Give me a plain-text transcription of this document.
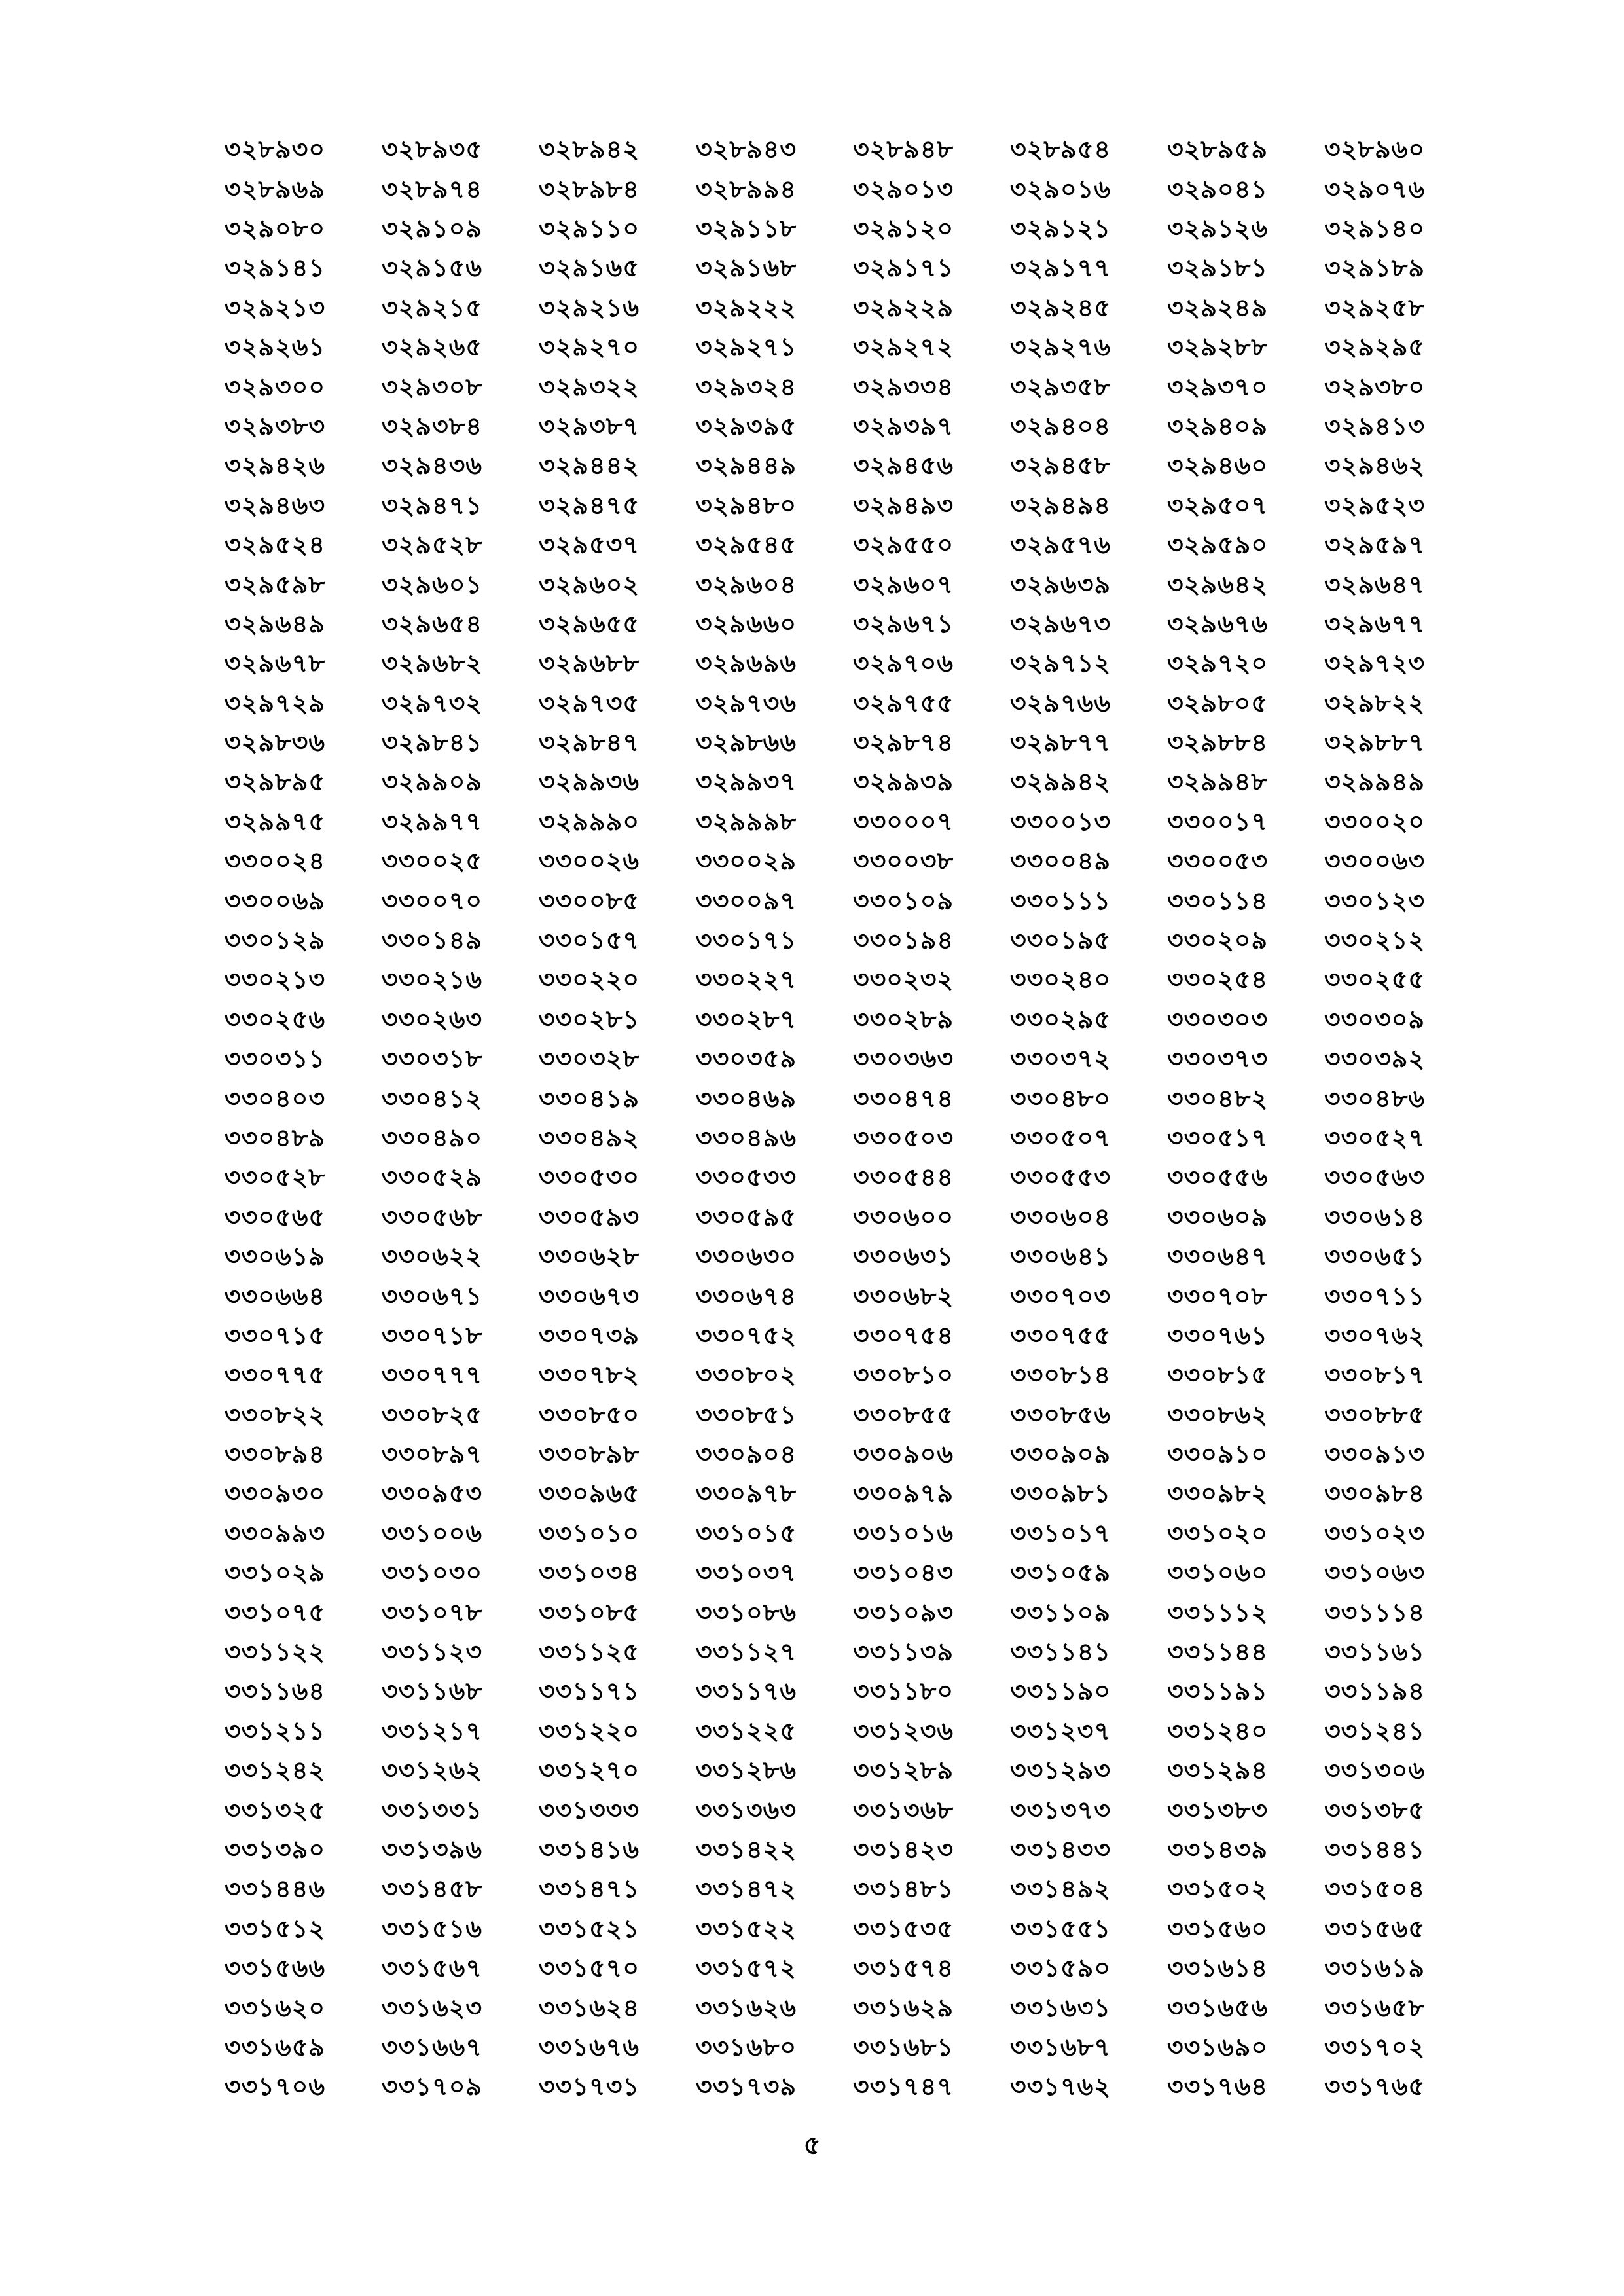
৩২৮৯৩০	৩২৮৯৩৫	৩২৮৯৪২	৩২৮৯৪৩	৩২৮৯৪৮	৩২৮৯৫৪	৩২৮৯৫৯	৩২৮৯৬০
৩২৮৯৬৯	৩২৮৯৭৪	৩২৮৯৮৪	৩২৮৯৯৪	৩২৯০১৩	৩২৯০১৬	৩২৯০৪১	৩২৯০৭৬
৩২৯০৮০	৩২৯১০৯	৩২৯১১০	৩২৯১১৮	৩২৯১২০	৩২৯১২১	৩২৯১২৬	৩২৯১৪০
৩২৯১৪১	৩২৯১৫৬	৩২৯১৬৫	৩২৯১৬৮	৩২৯১৭১	৩২৯১৭৭	৩২৯১৮১	৩২৯১৮৯
৩২৯২১৩	৩২৯২১৫	৩২৯২১৬	৩২৯২২২	৩২৯২২৯	৩২৯২৪৫	৩২৯২৪৯	৩২৯২৫৮
৩২৯২৬১	৩২৯২৬৫	৩২৯২৭০	৩২৯২৭১	৩২৯২৭২	৩২৯২৭৬	৩২৯২৮৮	৩২৯২৯৫
৩২৯৩০০	৩২৯৩০৮	৩২৯৩২২	৩২৯৩২৪	৩২৯৩৩৪	৩২৯৩৫৮	৩২৯৩৭০	৩২৯৩৮০
৩২৯৩৮৩	৩২৯৩৮৪	৩২৯৩৮৭	৩২৯৩৯৫	৩২৯৩৯৭	৩২৯৪০৪	৩২৯৪০৯	৩২৯৪১৩
৩২৯৪২৬	৩২৯৪৩৬	৩২৯৪৪২	৩২৯৪৪৯	৩২৯৪৫৬	৩২৯৪৫৮	৩২৯৪৬০	৩২৯৪৬২
৩২৯৪৬৩	৩২৯৪৭১	৩২৯৪৭৫	৩২৯৪৮০	৩২৯৪৯৩	৩২৯৪৯৪	৩২৯৫০৭	৩২৯৫২৩
৩২৯৫২৪	৩২৯৫২৮	৩২৯৫৩৭	৩২৯৫৪৫	৩২৯৫৫০	৩২৯৫৭৬	৩২৯৫৯০	৩২৯৫৯৭
৩২৯৫৯৮	৩২৯৬০১	৩২৯৬০২	৩২৯৬০৪	৩২৯৬০৭	৩২৯৬৩৯	৩২৯৬৪২	৩২৯৬৪৭
৩২৯৬৪৯	৩২৯৬৫৪	৩২৯৬৫৫	৩২৯৬৬০	৩২৯৬৭১	৩২৯৬৭৩	৩২৯৬৭৬	৩২৯৬৭৭
৩২৯৬৭৮	৩২৯৬৮২	৩২৯৬৮৮	৩২৯৬৯৬	৩২৯৭০৬	৩২৯৭১২	৩২৯৭২০	৩২৯৭২৩
৩২৯৭২৯	৩২৯৭৩২	৩২৯৭৩৫	৩২৯৭৩৬	৩২৯৭৫৫	৩২৯৭৬৬	৩২৯৮০৫	৩২৯৮২২
৩২৯৮৩৬	৩২৯৮৪১	৩২৯৮৪৭	৩২৯৮৬৬	৩২৯৮৭৪	৩২৯৮৭৭	৩২৯৮৮৪	৩২৯৮৮৭
৩২৯৮৯৫	৩২৯৯০৯	৩২৯৯৩৬	৩২৯৯৩৭	৩২৯৯৩৯	৩২৯৯৪২	৩২৯৯৪৮	৩২৯৯৪৯
৩২৯৯৭৫	৩২৯৯৭৭	৩২৯৯৯০	৩২৯৯৯৮	৩৩০০০৭	৩৩০০১৩	৩৩০০১৭	৩৩০০২০
৩৩০০২৪	৩৩০০২৫	৩৩০০২৬	৩৩০০২৯	৩৩০০৩৮	৩৩০০৪৯	৩৩০০৫৩	৩৩০০৬৩
৩৩০০৬৯	৩৩০০৭০	৩৩০০৮৫	৩৩০০৯৭	৩৩০১০৯	৩৩০১১১	৩৩০১১৪	৩৩০১২৩
৩৩০১২৯	৩৩০১৪৯	৩৩০১৫৭	৩৩০১৭১	৩৩০১৯৪	৩৩০১৯৫	৩৩০২০৯	৩৩০২১২
৩৩০২১৩	৩৩০২১৬	৩৩০২২০	৩৩০২২৭	৩৩০২৩২	৩৩০২৪০	৩৩০২৫৪	৩৩০২৫৫
৩৩০২৫৬	৩৩০২৬৩	৩৩০২৮১	৩৩০২৮৭	৩৩০২৮৯	৩৩০২৯৫	৩৩০৩০৩	৩৩০৩০৯
৩৩০৩১১	৩৩০৩১৮	৩৩০৩২৮	৩৩০৩৫৯	৩৩০৩৬৩	৩৩০৩৭২	৩৩০৩৭৩	৩৩০৩৯২
৩৩০৪০৩	৩৩০৪১২	৩৩০৪১৯	৩৩০৪৬৯	৩৩০৪৭৪	৩৩০৪৮০	৩৩০৪৮২	৩৩০৪৮৬
৩৩০৪৮৯	৩৩০৪৯০	৩৩০৪৯২	৩৩০৪৯৬	৩৩০৫০৩	৩৩০৫০৭	৩৩০৫১৭	৩৩০৫২৭
৩৩০৫২৮	৩৩০৫২৯	৩৩০৫৩০	৩৩০৫৩৩	৩৩০৫৪৪	৩৩০৫৫৩	৩৩০৫৫৬	৩৩০৫৬৩
৩৩০৫৬৫	৩৩০৫৬৮	৩৩০৫৯৩	৩৩০৫৯৫	৩৩০৬০০	৩৩০৬০৪	৩৩০৬০৯	৩৩০৬১৪
৩৩০৬১৯	৩৩০৬২২	৩৩০৬২৮	৩৩০৬৩০	৩৩০৬৩১	৩৩০৬৪১	৩৩০৬৪৭	৩৩০৬৫১
৩৩০৬৬৪	৩৩০৬৭১	৩৩০৬৭৩	৩৩০৬৭৪	৩৩০৬৮২	৩৩০৭০৩	৩৩০৭০৮	৩৩০৭১১
৩৩০৭১৫	৩৩০৭১৮	৩৩০৭৩৯	৩৩০৭৫২	৩৩০৭৫৪	৩৩০৭৫৫	৩৩০৭৬১	৩৩০৭৬২
৩৩০৭৭৫	৩৩০৭৭৭	৩৩০৭৮২	৩৩০৮০২	৩৩০৮১০	৩৩০৮১৪	৩৩০৮১৫	৩৩০৮১৭
৩৩০৮২২	৩৩০৮২৫	৩৩০৮৫০	৩৩০৮৫১	৩৩০৮৫৫	৩৩০৮৫৬	৩৩০৮৬২	৩৩০৮৮৫
৩৩০৮৯৪	৩৩০৮৯৭	৩৩০৮৯৮	৩৩০৯০৪	৩৩০৯০৬	৩৩০৯০৯	৩৩০৯১০	৩৩০৯১৩
৩৩০৯৩০	৩৩০৯৫৩	৩৩০৯৬৫	৩৩০৯৭৮	৩৩০৯৭৯	৩৩০৯৮১	৩৩০৯৮২	৩৩০৯৮৪
৩৩০৯৯৩	৩৩১০০৬	৩৩১০১০	৩৩১০১৫	৩৩১০১৬	৩৩১০১৭	৩৩১০২০	৩৩১০২৩
৩৩১০২৯	৩৩১০৩০	৩৩১০৩৪	৩৩১০৩৭	৩৩১০৪৩	৩৩১০৫৯	৩৩১০৬০	৩৩১০৬৩
৩৩১০৭৫	৩৩১০৭৮	৩৩১০৮৫	৩৩১০৮৬	৩৩১০৯৩	৩৩১১০৯	৩৩১১১২	৩৩১১১৪
৩৩১১২২	৩৩১১২৩	৩৩১১২৫	৩৩১১২৭	৩৩১১৩৯	৩৩১১৪১	৩৩১১৪৪	৩৩১১৬১
৩৩১১৬৪	৩৩১১৬৮	৩৩১১৭১	৩৩১১৭৬	৩৩১১৮০	৩৩১১৯০	৩৩১১৯১	৩৩১১৯৪
৩৩১২১১	৩৩১২১৭	৩৩১২২০	৩৩১২২৫	৩৩১২৩৬	৩৩১২৩৭	৩৩১২৪০	৩৩১২৪১
৩৩১২৪২	৩৩১২৬২	৩৩১২৭০	৩৩১২৮৬	৩৩১২৮৯	৩৩১২৯৩	৩৩১২৯৪	৩৩১৩০৬
৩৩১৩২৫	৩৩১৩৩১	৩৩১৩৩৩	৩৩১৩৬৩	৩৩১৩৬৮	৩৩১৩৭৩	৩৩১৩৮৩	৩৩১৩৮৫
৩৩১৩৯০	৩৩১৩৯৬	৩৩১৪১৬	৩৩১৪২২	৩৩১৪২৩	৩৩১৪৩৩	৩৩১৪৩৯	৩৩১৪৪১
৩৩১৪৪৬	৩৩১৪৫৮	৩৩১৪৭১	৩৩১৪৭২	৩৩১৪৮১	৩৩১৪৯২	৩৩১৫০২	৩৩১৫০৪
৩৩১৫১২	৩৩১৫১৬	৩৩১৫২১	৩৩১৫২২	৩৩১৫৩৫	৩৩১৫৫১	৩৩১৫৬০	৩৩১৫৬৫
৩৩১৫৬৬	৩৩১৫৬৭	৩৩১৫৭০	৩৩১৫৭২	৩৩১৫৭৪	৩৩১৫৯০	৩৩১৬১৪	৩৩১৬১৯
৩৩১৬২০	৩৩১৬২৩	৩৩১৬২৪	৩৩১৬২৬	৩৩১৬২৯	৩৩১৬৩১	৩৩১৬৫৬	৩৩১৬৫৮
৩৩১৬৫৯	৩৩১৬৬৭	৩৩১৬৭৬	৩৩১৬৮০	৩৩১৬৮১	৩৩১৬৮৭	৩৩১৬৯০	৩৩১৭০২
৩৩১৭০৬	৩৩১৭০৯	৩৩১৭৩১	৩৩১৭৩৯	৩৩১৭৪৭	৩৩১৭৬২	৩৩১৭৬৪	৩৩১৭৬৫
৫
